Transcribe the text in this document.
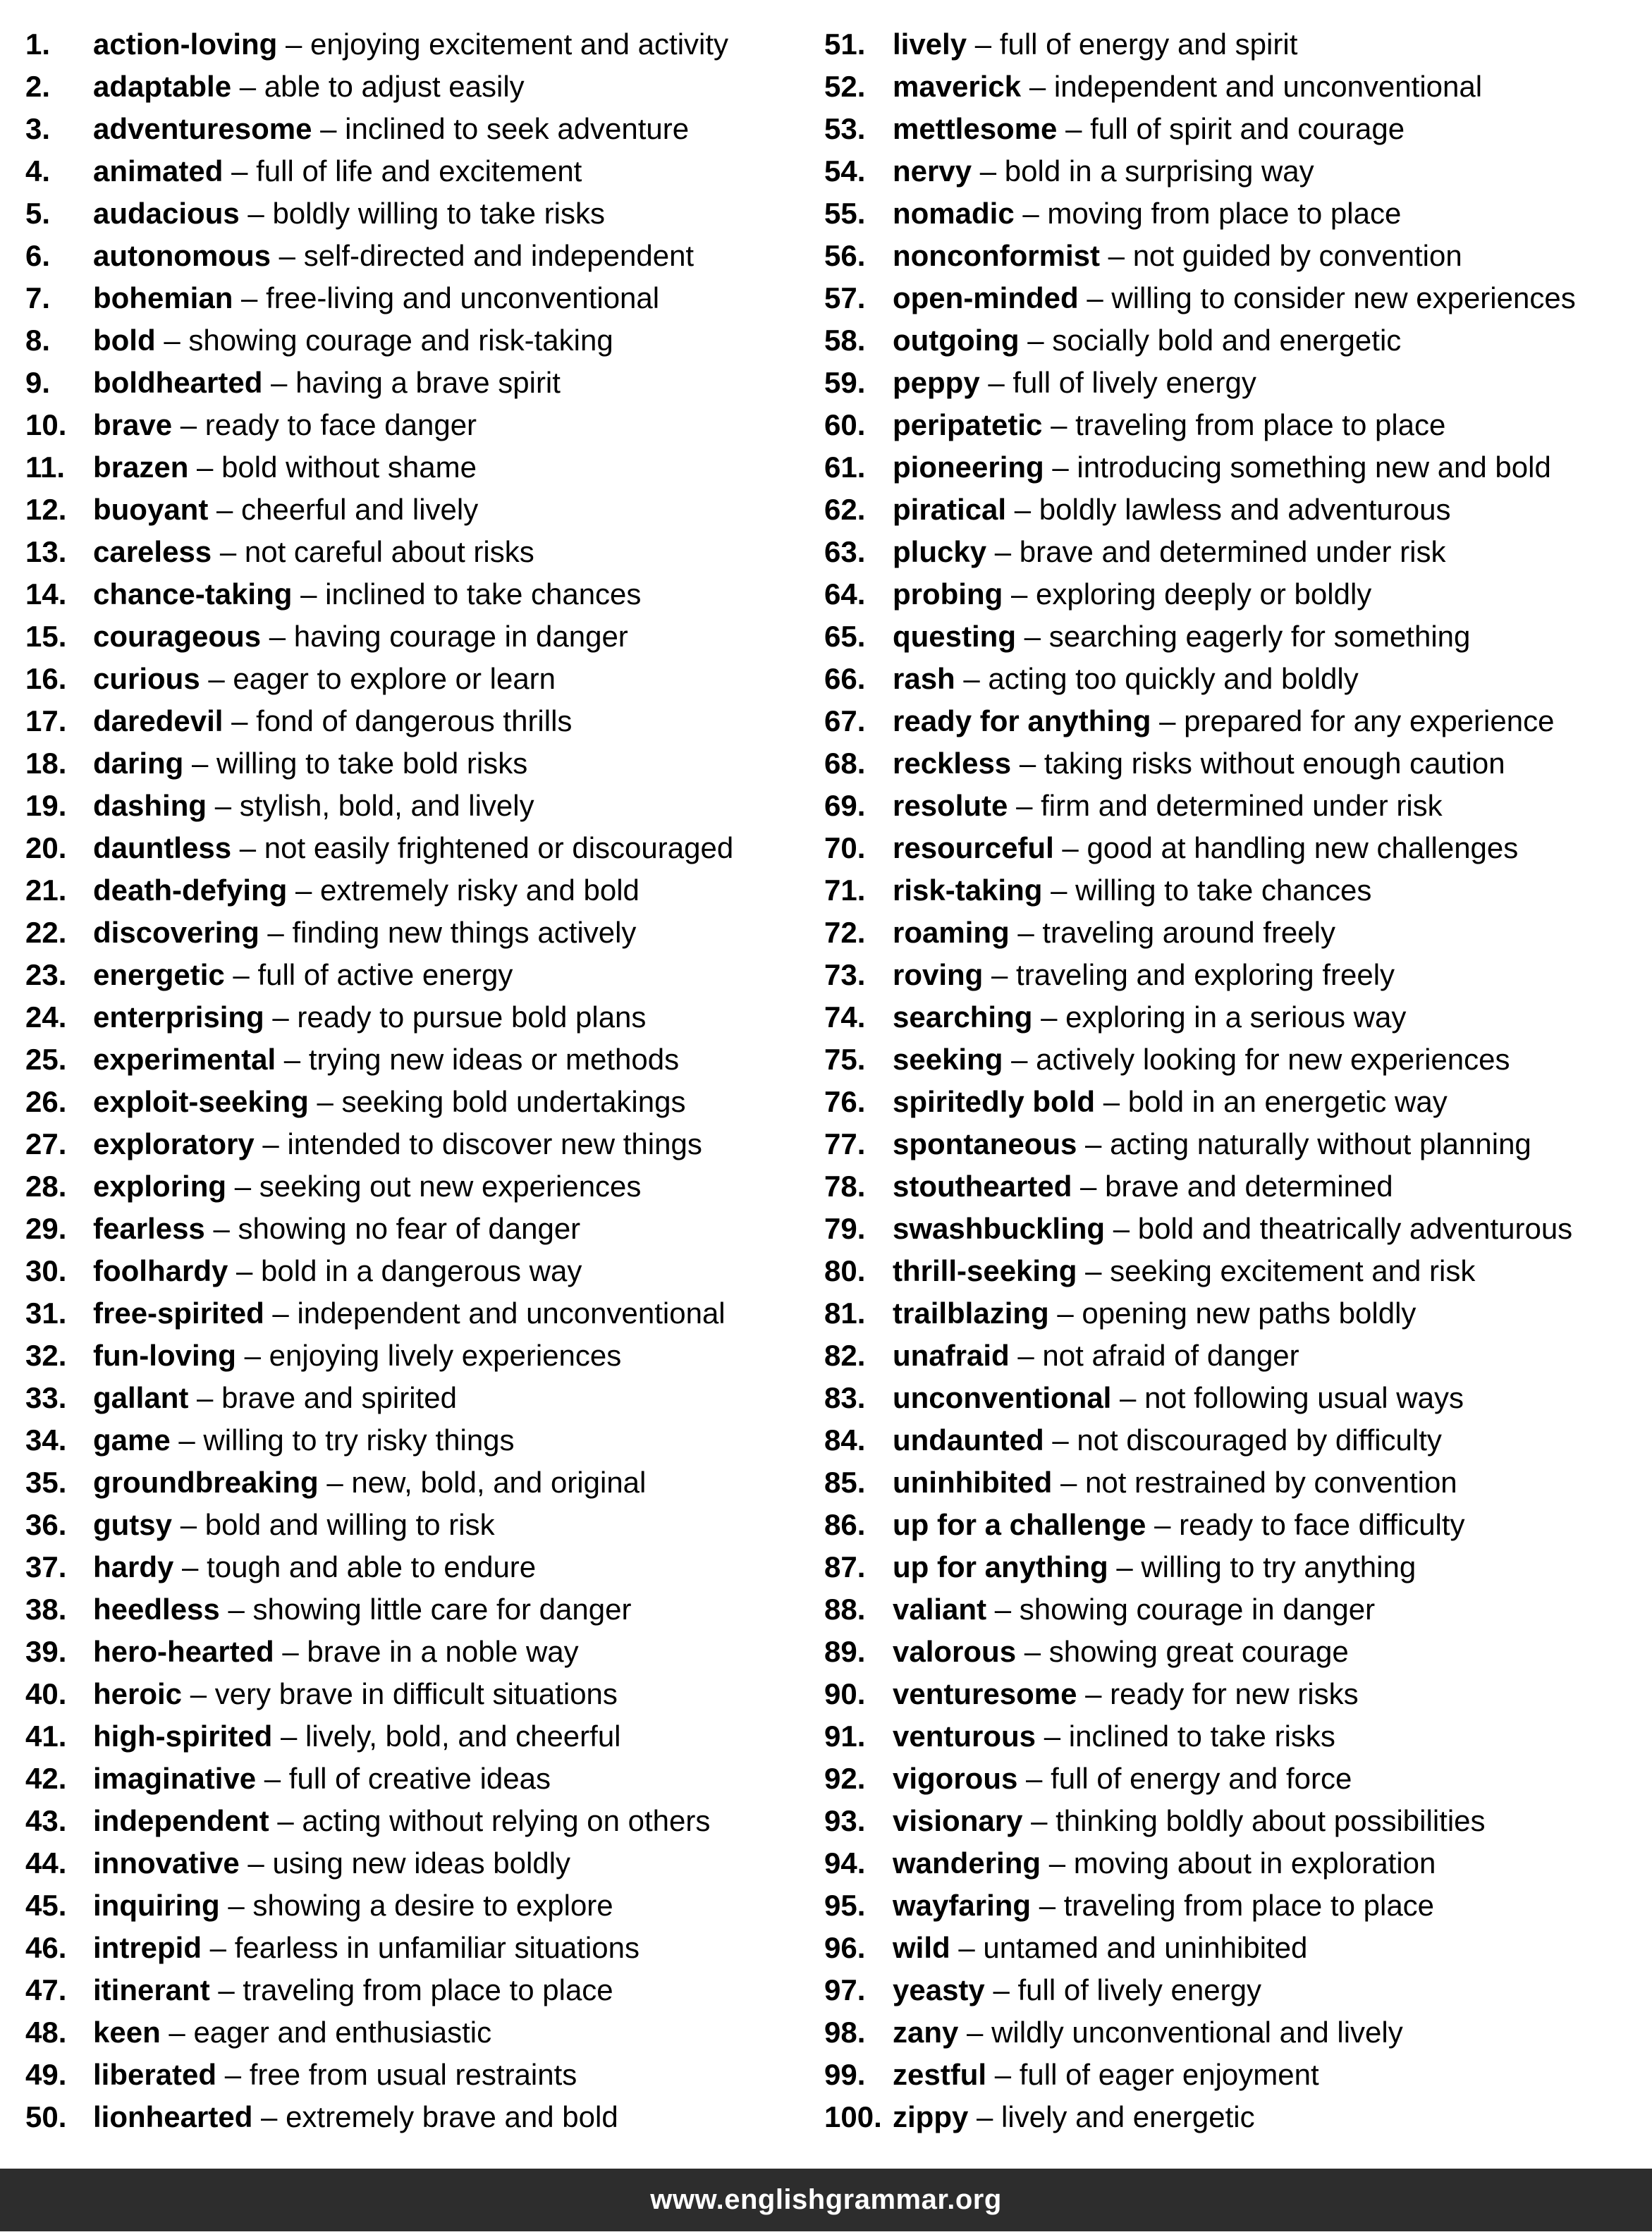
1. action-loving – enjoying excitement and activity
2. adaptable – able to adjust easily
3. adventuresome – inclined to seek adventure
4. animated – full of life and excitement
5. audacious – boldly willing to take risks
6. autonomous – self-directed and independent
7. bohemian – free-living and unconventional
8. bold – showing courage and risk-taking
9. boldhearted – having a brave spirit
10. brave – ready to face danger
11. brazen – bold without shame
12. buoyant – cheerful and lively
13. careless – not careful about risks
14. chance-taking – inclined to take chances
15. courageous – having courage in danger
16. curious – eager to explore or learn
17. daredevil – fond of dangerous thrills
18. daring – willing to take bold risks
19. dashing – stylish, bold, and lively
20. dauntless – not easily frightened or discouraged
21. death-defying – extremely risky and bold
22. discovering – finding new things actively
23. energetic – full of active energy
24. enterprising – ready to pursue bold plans
25. experimental – trying new ideas or methods
26. exploit-seeking – seeking bold undertakings
27. exploratory – intended to discover new things
28. exploring – seeking out new experiences
29. fearless – showing no fear of danger
30. foolhardy – bold in a dangerous way
31. free-spirited – independent and unconventional
32. fun-loving – enjoying lively experiences
33. gallant – brave and spirited
34. game – willing to try risky things
35. groundbreaking – new, bold, and original
36. gutsy – bold and willing to risk
37. hardy – tough and able to endure
38. heedless – showing little care for danger
39. hero-hearted – brave in a noble way
40. heroic – very brave in difficult situations
41. high-spirited – lively, bold, and cheerful
42. imaginative – full of creative ideas
43. independent – acting without relying on others
44. innovative – using new ideas boldly
45. inquiring – showing a desire to explore
46. intrepid – fearless in unfamiliar situations
47. itinerant – traveling from place to place
48. keen – eager and enthusiastic
49. liberated – free from usual restraints
50. lionhearted – extremely brave and bold
51. lively – full of energy and spirit
52. maverick – independent and unconventional
53. mettlesome – full of spirit and courage
54. nervy – bold in a surprising way
55. nomadic – moving from place to place
56. nonconformist – not guided by convention
57. open-minded – willing to consider new experiences
58. outgoing – socially bold and energetic
59. peppy – full of lively energy
60. peripatetic – traveling from place to place
61. pioneering – introducing something new and bold
62. piratical – boldly lawless and adventurous
63. plucky – brave and determined under risk
64. probing – exploring deeply or boldly
65. questing – searching eagerly for something
66. rash – acting too quickly and boldly
67. ready for anything – prepared for any experience
68. reckless – taking risks without enough caution
69. resolute – firm and determined under risk
70. resourceful – good at handling new challenges
71. risk-taking – willing to take chances
72. roaming – traveling around freely
73. roving – traveling and exploring freely
74. searching – exploring in a serious way
75. seeking – actively looking for new experiences
76. spiritedly bold – bold in an energetic way
77. spontaneous – acting naturally without planning
78. stouthearted – brave and determined
79. swashbuckling – bold and theatrically adventurous
80. thrill-seeking – seeking excitement and risk
81. trailblazing – opening new paths boldly
82. unafraid – not afraid of danger
83. unconventional – not following usual ways
84. undaunted – not discouraged by difficulty
85. uninhibited – not restrained by convention
86. up for a challenge – ready to face difficulty
87. up for anything – willing to try anything
88. valiant – showing courage in danger
89. valorous – showing great courage
90. venturesome – ready for new risks
91. venturous – inclined to take risks
92. vigorous – full of energy and force
93. visionary – thinking boldly about possibilities
94. wandering – moving about in exploration
95. wayfaring – traveling from place to place
96. wild – untamed and uninhibited
97. yeasty – full of lively energy
98. zany – wildly unconventional and lively
99. zestful – full of eager enjoyment
100. zippy – lively and energetic
www.englishgrammar.org
